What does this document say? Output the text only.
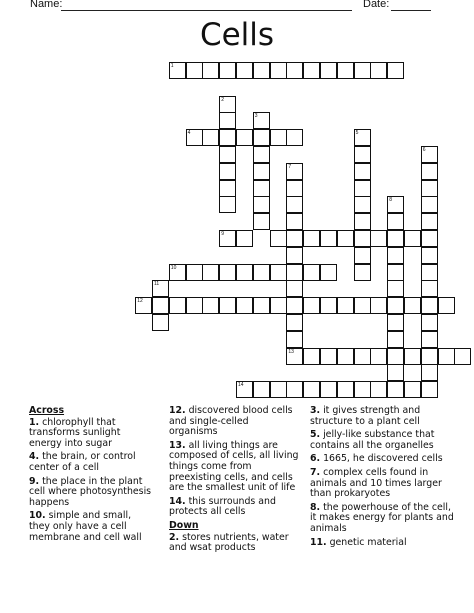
Name:	Date:
Cells
1
2
3
4	5
6
7
13
8
9
10
11
12
14
Across
1. chlorophyll that transforms sunlight energy into sugar
4. the brain, or control center of a cell
9. the place in the plant cell where photosynthesis happens
10. simple and small, they only have a cell membrane and cell wall
12. discovered blood cells and single-celled organisms
13. all living things are composed of cells, all living things come from preexisting cells, and cells are the smallest unit of life
14. this surrounds and protects all cells
Down
2. stores nutrients, water and wsat products
3. it gives strength and structure to a plant cell
5. jelly-like substance that contains all the organelles
6. 1665, he discovered cells
7. complex cells found in animals and 10 times larger than prokaryotes
8. the powerhouse of the cell, it makes energy for plants and animals
11. genetic material
